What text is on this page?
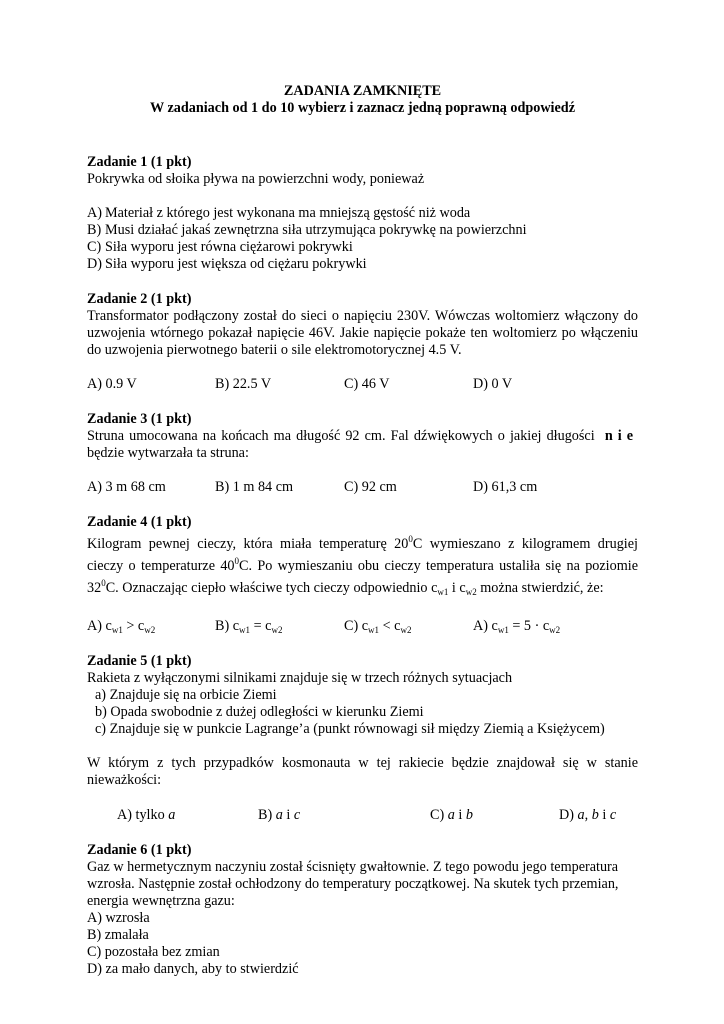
ZADANIA ZAMKNIĘTE
W zadaniach od 1 do 10 wybierz i zaznacz jedną poprawną odpowiedź
Zadanie 1 (1 pkt)
Pokrywka od słoika pływa na powierzchni wody, ponieważ
A) Materiał z którego jest wykonana ma mniejszą gęstość niż woda
B) Musi działać jakaś zewnętrzna siła utrzymująca pokrywkę na powierzchni
C) Siła wyporu jest równa ciężarowi pokrywki
D) Siła wyporu jest większa od ciężaru pokrywki
Zadanie 2 (1 pkt)
Transformator podłączony został do sieci o napięciu 230V. Wówczas woltomierz włączony do uzwojenia wtórnego pokazał napięcie 46V. Jakie napięcie pokaże ten woltomierz po włączeniu do uzwojenia pierwotnego baterii o sile elektromotorycznej 4.5 V.
A) 0.9 V	B) 22.5 V	C) 46 V	D) 0 V
Zadanie 3 (1 pkt)
Struna umocowana na końcach ma długość 92 cm. Fal dźwiękowych o jakiej długości nie będzie wytwarzała ta struna:
A) 3 m 68 cm	B) 1 m 84 cm	C) 92 cm	D) 61,3 cm
Zadanie 4 (1 pkt)
Kilogram pewnej cieczy, która miała temperaturę $20^0C$ wymieszano z kilogramem drugiej cieczy o temperaturze $40^0C$. Po wymieszaniu obu cieczy temperatura ustaliła się na poziomie $32^0C$. Oznaczając ciepło właściwe tych cieczy odpowiednio $c_{w1}$ i $c_{w2}$ można stwierdzić, że:
A) $c_{w1} > c_{w2}$	B) $c_{w1} = c_{w2}$	C) $c_{w1} < c_{w2}$	A) $c_{w1} = 5 \cdot c_{w2}$
Zadanie 5 (1 pkt)
Rakieta z wyłączonymi silnikami znajduje się w trzech różnych sytuacjach
a) Znajduje się na orbicie Ziemi
b) Opada swobodnie z dużej odległości w kierunku Ziemi
c) Znajduje się w punkcie Lagrange’a (punkt równowagi sił między Ziemią a Księżycem)
W którym z tych przypadków kosmonauta w tej rakiecie będzie znajdował się w stanie nieważkości:
A) tylko a	B) a i c	C) a i b	D) a, b i c
Zadanie 6 (1 pkt)
Gaz w hermetycznym naczyniu został ścisnięty gwałtownie. Z tego powodu jego temperatura wzrosła. Następnie został ochłodzony do temperatury początkowej. Na skutek tych przemian, energia wewnętrzna gazu:
A) wzrosła
B) zmalała
C) pozostała bez zmian
D) za mało danych, aby to stwierdzić
